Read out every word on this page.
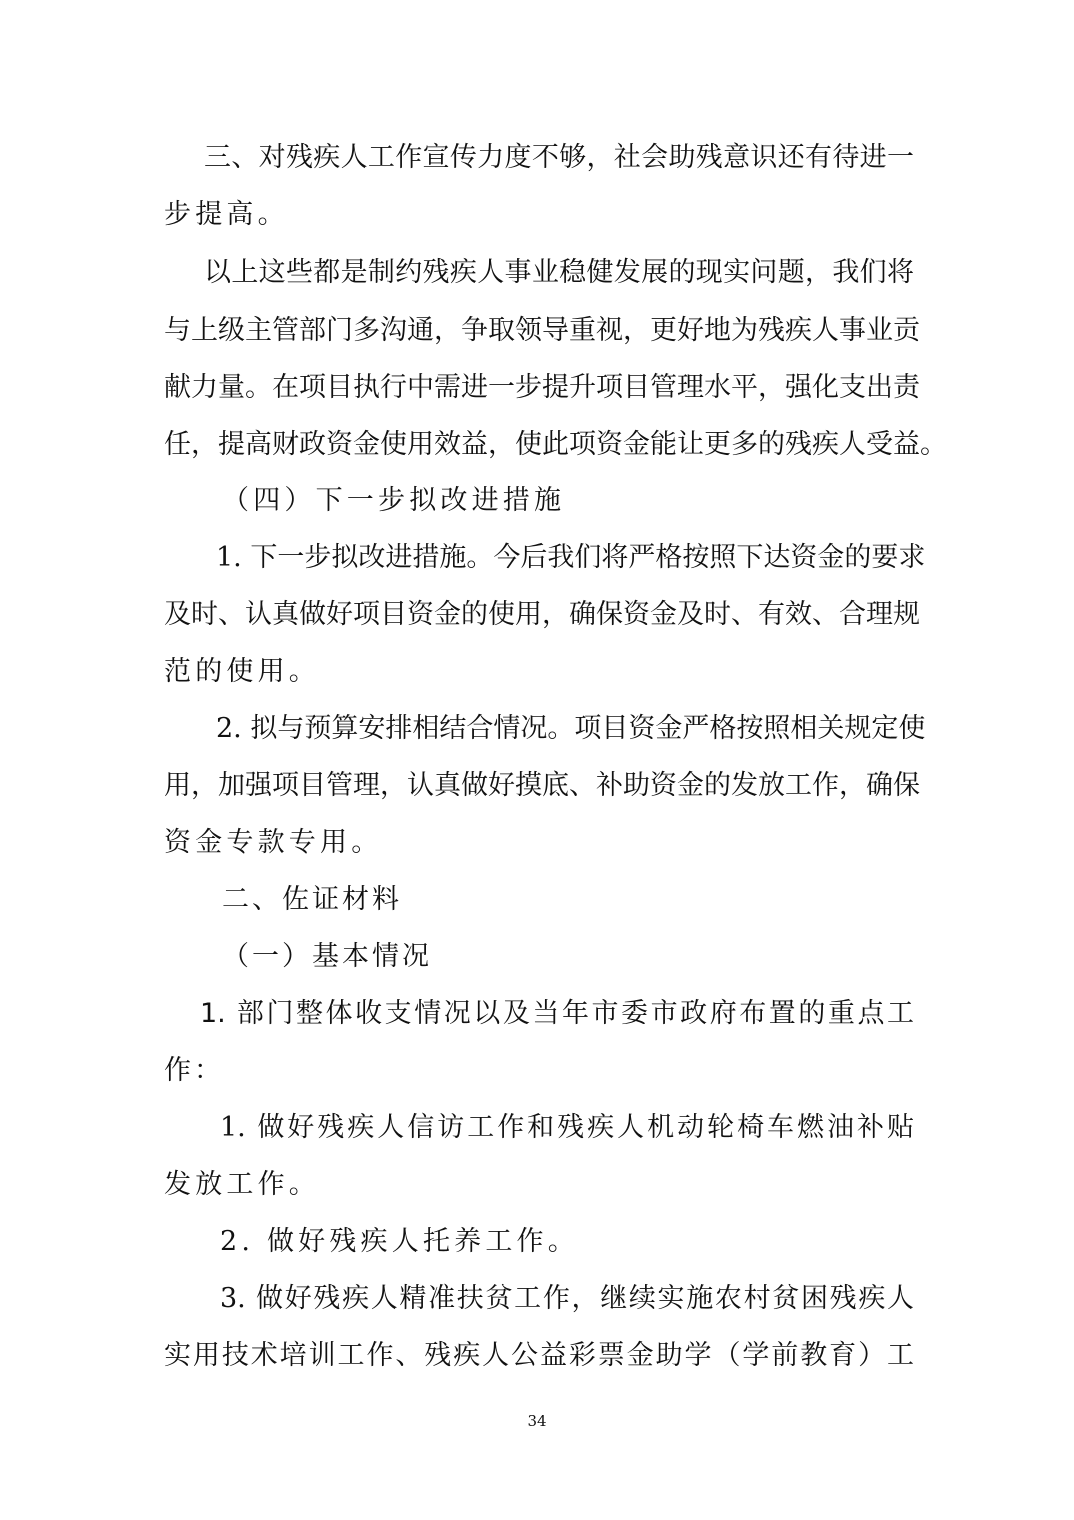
三、对残疾人工作宣传力度不够，社会助残意识还有待进一
步提高。
以上这些都是制约残疾人事业稳健发展的现实问题，我们将
与上级主管部门多沟通，争取领导重视，更好地为残疾人事业贡
献力量。在项目执行中需进一步提升项目管理水平，强化支出责
任，提高财政资金使用效益，使此项资金能让更多的残疾人受益。
（四）下一步拟改进措施
1. 下一步拟改进措施。今后我们将严格按照下达资金的要求
及时、认真做好项目资金的使用，确保资金及时、有效、合理规
范的使用。
2. 拟与预算安排相结合情况。项目资金严格按照相关规定使
用，加强项目管理，认真做好摸底、补助资金的发放工作，确保
资金专款专用。
二、佐证材料
（一）基本情况
1. 部门整体收支情况以及当年市委市政府布置的重点工
作：
1. 做好残疾人信访工作和残疾人机动轮椅车燃油补贴
发放工作。
2. 做好残疾人托养工作。
3. 做好残疾人精准扶贫工作，继续实施农村贫困残疾人
实用技术培训工作、残疾人公益彩票金助学（学前教育）工
34
